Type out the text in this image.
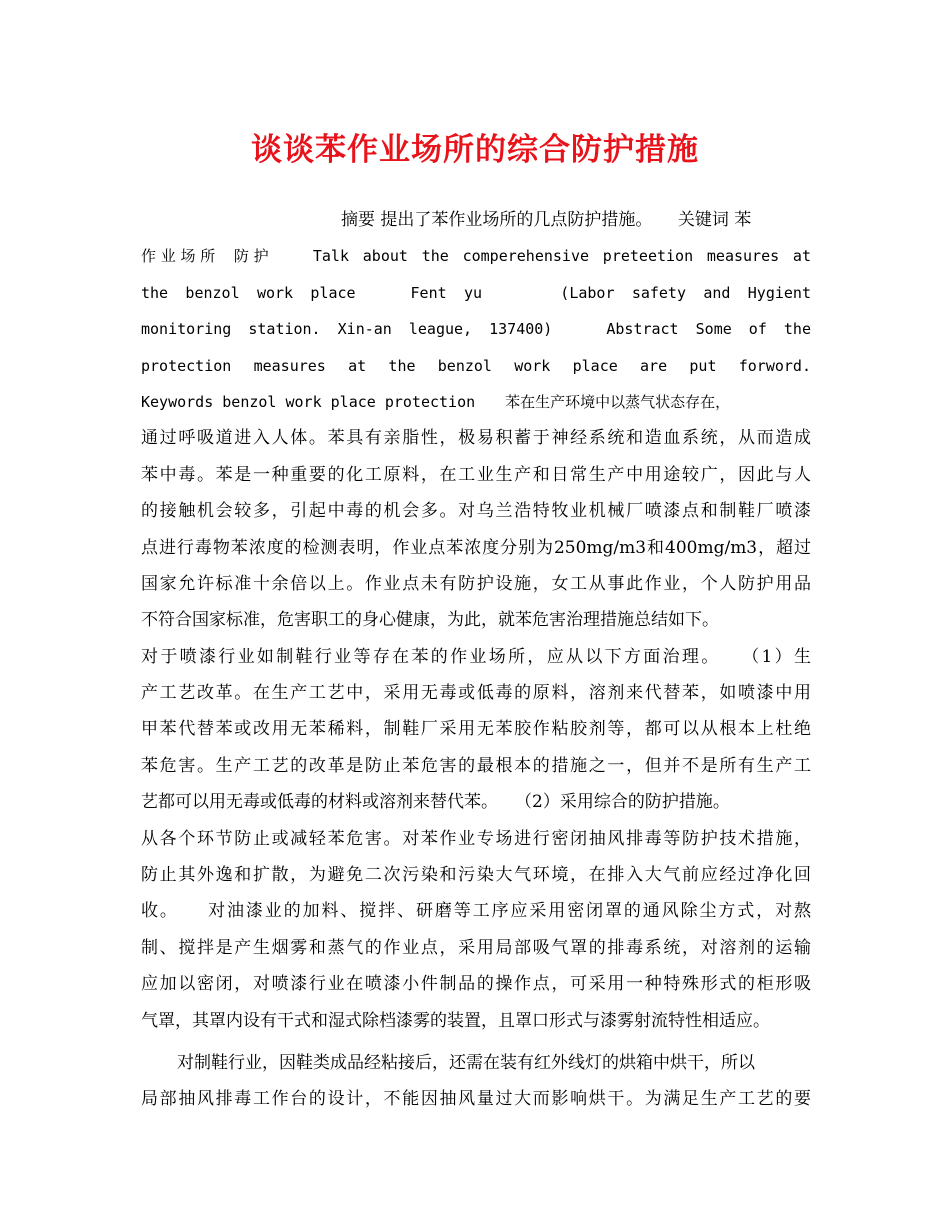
谈谈苯作业场所的综合防护措施
摘要 提出了苯作业场所的几点防护措施。　　关键词 苯
作业场所 防护　　Talk about the comperehensive preteetion measures at
the benzol work place　　Fent yu　　　(Labor safety and Hygient
monitoring station. Xin-an league, 137400)　　Abstract Some of the
protection measures at the benzol work place are put forword.
Keywords benzol work place protection　　苯在生产环境中以蒸气状态存在，
通过呼吸道进入人体。苯具有亲脂性，极易积蓄于神经系统和造血系统，从而造成
苯中毒。苯是一种重要的化工原料，在工业生产和日常生产中用途较广，因此与人
的接触机会较多，引起中毒的机会多。对乌兰浩特牧业机械厂喷漆点和制鞋厂喷漆
点进行毒物苯浓度的检测表明，作业点苯浓度分别为250mg/m3和400mg/m3，超过
国家允许标准十余倍以上。作业点未有防护设施，女工从事此作业，个人防护用品
不符合国家标准，危害职工的身心健康，为此，就苯危害治理措施总结如下。
对于喷漆行业如制鞋行业等存在苯的作业场所，应从以下方面治理。　　（1）生
产工艺改革。在生产工艺中，采用无毒或低毒的原料，溶剂来代替苯，如喷漆中用
甲苯代替苯或改用无苯稀料，制鞋厂采用无苯胶作粘胶剂等，都可以从根本上杜绝
苯危害。生产工艺的改革是防止苯危害的最根本的措施之一，但并不是所有生产工
艺都可以用无毒或低毒的材料或溶剂来替代苯。　　（2）采用综合的防护措施。
从各个环节防止或减轻苯危害。对苯作业专场进行密闭抽风排毒等防护技术措施，
防止其外逸和扩散，为避免二次污染和污染大气环境，在排入大气前应经过净化回
收。　　对油漆业的加料、搅拌、研磨等工序应采用密闭罩的通风除尘方式，对熬
制、搅拌是产生烟雾和蒸气的作业点，采用局部吸气罩的排毒系统，对溶剂的运输
应加以密闭，对喷漆行业在喷漆小件制品的操作点，可采用一种特殊形式的柜形吸
气罩，其罩内设有干式和湿式除档漆雾的装置，且罩口形式与漆雾射流特性相适应。
对制鞋行业，因鞋类成品经粘接后，还需在装有红外线灯的烘箱中烘干，所以
局部抽风排毒工作台的设计，不能因抽风量过大而影响烘干。为满足生产工艺的要
